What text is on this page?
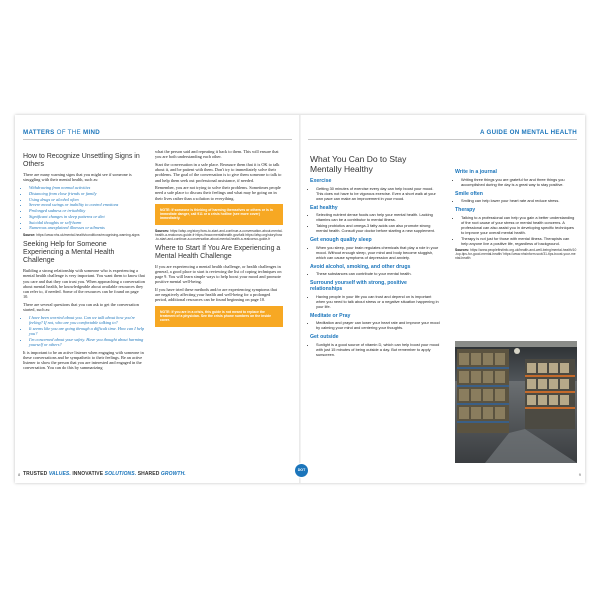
MATTERS OF THE MIND
How to Recognize Unsettling Signs in Others

There are many warning signs that you might see if someone is struggling with their mental health, such as:

• Withdrawing from normal activities
• Distancing from close friends or family
• Using drugs or alcohol often
• Severe mood swings or inability to control emotions
• Prolonged sadness or irritability
• Significant changes in sleep patterns or diet
• Suicidal thoughts or self-harm
• Numerous unexplained illnesses or ailments
Source: https://www.nhs.uk/mental-health/conditions/recognising-warning-signs
Seeking Help for Someone Experiencing a Mental Health Challenge

Building a strong relationship with someone who is experiencing a mental health challenge is very important. You want them to know that you care and that they can trust you. When approaching a conversation about mental health, be knowledgeable about available resources they can refer to, if needed. Some of the resources can be found on page 10.

There are several questions that you can ask to get the conversation started, such as:

• I have been worried about you. Can we talk about how you're feeling? If not, who are you comfortable talking to?
• It seems like you are going through a difficult time. How can I help you?
• I'm concerned about your safety. Have you thought about harming yourself or others?

It is important to be an active listener when engaging with someone in these conversations and be sympathetic to their feelings. Be an active listener to show the person that you are interested and engaged in the conversation. You can do this by summarizing

what the person said and repeating it back to them. This will ensure that you are both understanding each other.

Start the conversation in a safe place. Reassure them that it is OK to talk about it, and be patient with them. Don't try to immediately solve their problems. The goal of the conversation is to give them someone to talk to and help them seek out professional assistance, if needed.

Remember, you are not trying to solve their problems. Sometimes people need a safe place to discuss their feelings and what may be going on in their lives rather than a solution to everything.

NOTE: If someone is thinking of harming themselves or others or is in immediate danger, call 911 or a crisis hotline (see more cover) immediately.
Sources: https://afsp.org/story/how-to-start-and-continue-a-conversation-about-mental-health-a-realconvo-guide-fr https://www.mentalhealth.gov/talk https://afsp.org/story/how-to-start-and-continue-a-conversation-about-mental-health-a-realconvo-guide-fr
Where to Start If You Are Experiencing a Mental Health Challenge

If you are experiencing a mental health challenge, or health challenges in general, a good place to start is reviewing the list of coping techniques on page 9. You will learn simple ways to help boost your mood and promote positive mental well-being.

If you have tried these methods and/or are experiencing symptoms that are negatively affecting your health and well-being for a prolonged period, additional resources can be found beginning on page 10.

NOTE: If you are in a crisis, this guide is not meant to replace the treatment of a physician. See the crisis phone numbers on the inside cover.
TRUSTED VALUES. INNOVATIVE SOLUTIONS. SHARED GROWTH.
8
A GUIDE ON MENTAL HEALTH
What You Can Do to Stay Mentally Healthy
Exercise
• Getting 30 minutes of exercise every day can help boost your mood. This does not have to be vigorous exercise. Even a short walk at your own pace can make an improvement in your mood.
Eat healthy
• Selecting nutrient dense foods can help your mental health. Lacking vitamins can be a contributor to mental illness.
• Taking probiotics and omega-3 fatty acids can also promote strong mental health. Consult your doctor before starting a new supplement.
Get enough quality sleep
• When you sleep, your brain regulates chemicals that play a role in your mood. Without enough sleep, your mind and body become sluggish, which can cause symptoms of depression and anxiety.
Avoid alcohol, smoking, and other drugs
• These substances can contribute to your mental health.
Surround yourself with strong, positive relationships
• Having people in your life you can trust and depend on is important when you need to talk about stress or a negative situation happening in your life.
Meditate or Pray
• Meditation and prayer can lower your heart rate and improve your mood by calming your mind and centering your thoughts.
Get outside
• Sunlight is a good source of vitamin D, which can help boost your mood with just 15 minutes of being outside a day. But remember to apply sunscreen.
Write in a journal
• Writing three things you are grateful for and three things you accomplished during the day is a great way to stay positive.
Smile often
• Smiling can help lower your heart rate and reduce stress.
Therapy
• Talking to a professional can help you gain a better understanding of the root cause of your stress or mental health concerns. A professional can also assist you in developing specific techniques to improve your overall mental health.
• Therapy is not just for those with mental illness. Therapists can help anyone live a positive life, regardless of background.
Sources: https://www.peoplefirstinfo.org.uk/health-and-well-being/mental-health/10-top-tips-for-good-mental-health/ https://www.nhsinform.scot/31-tips-boost-your-mental-health
9
DOT
